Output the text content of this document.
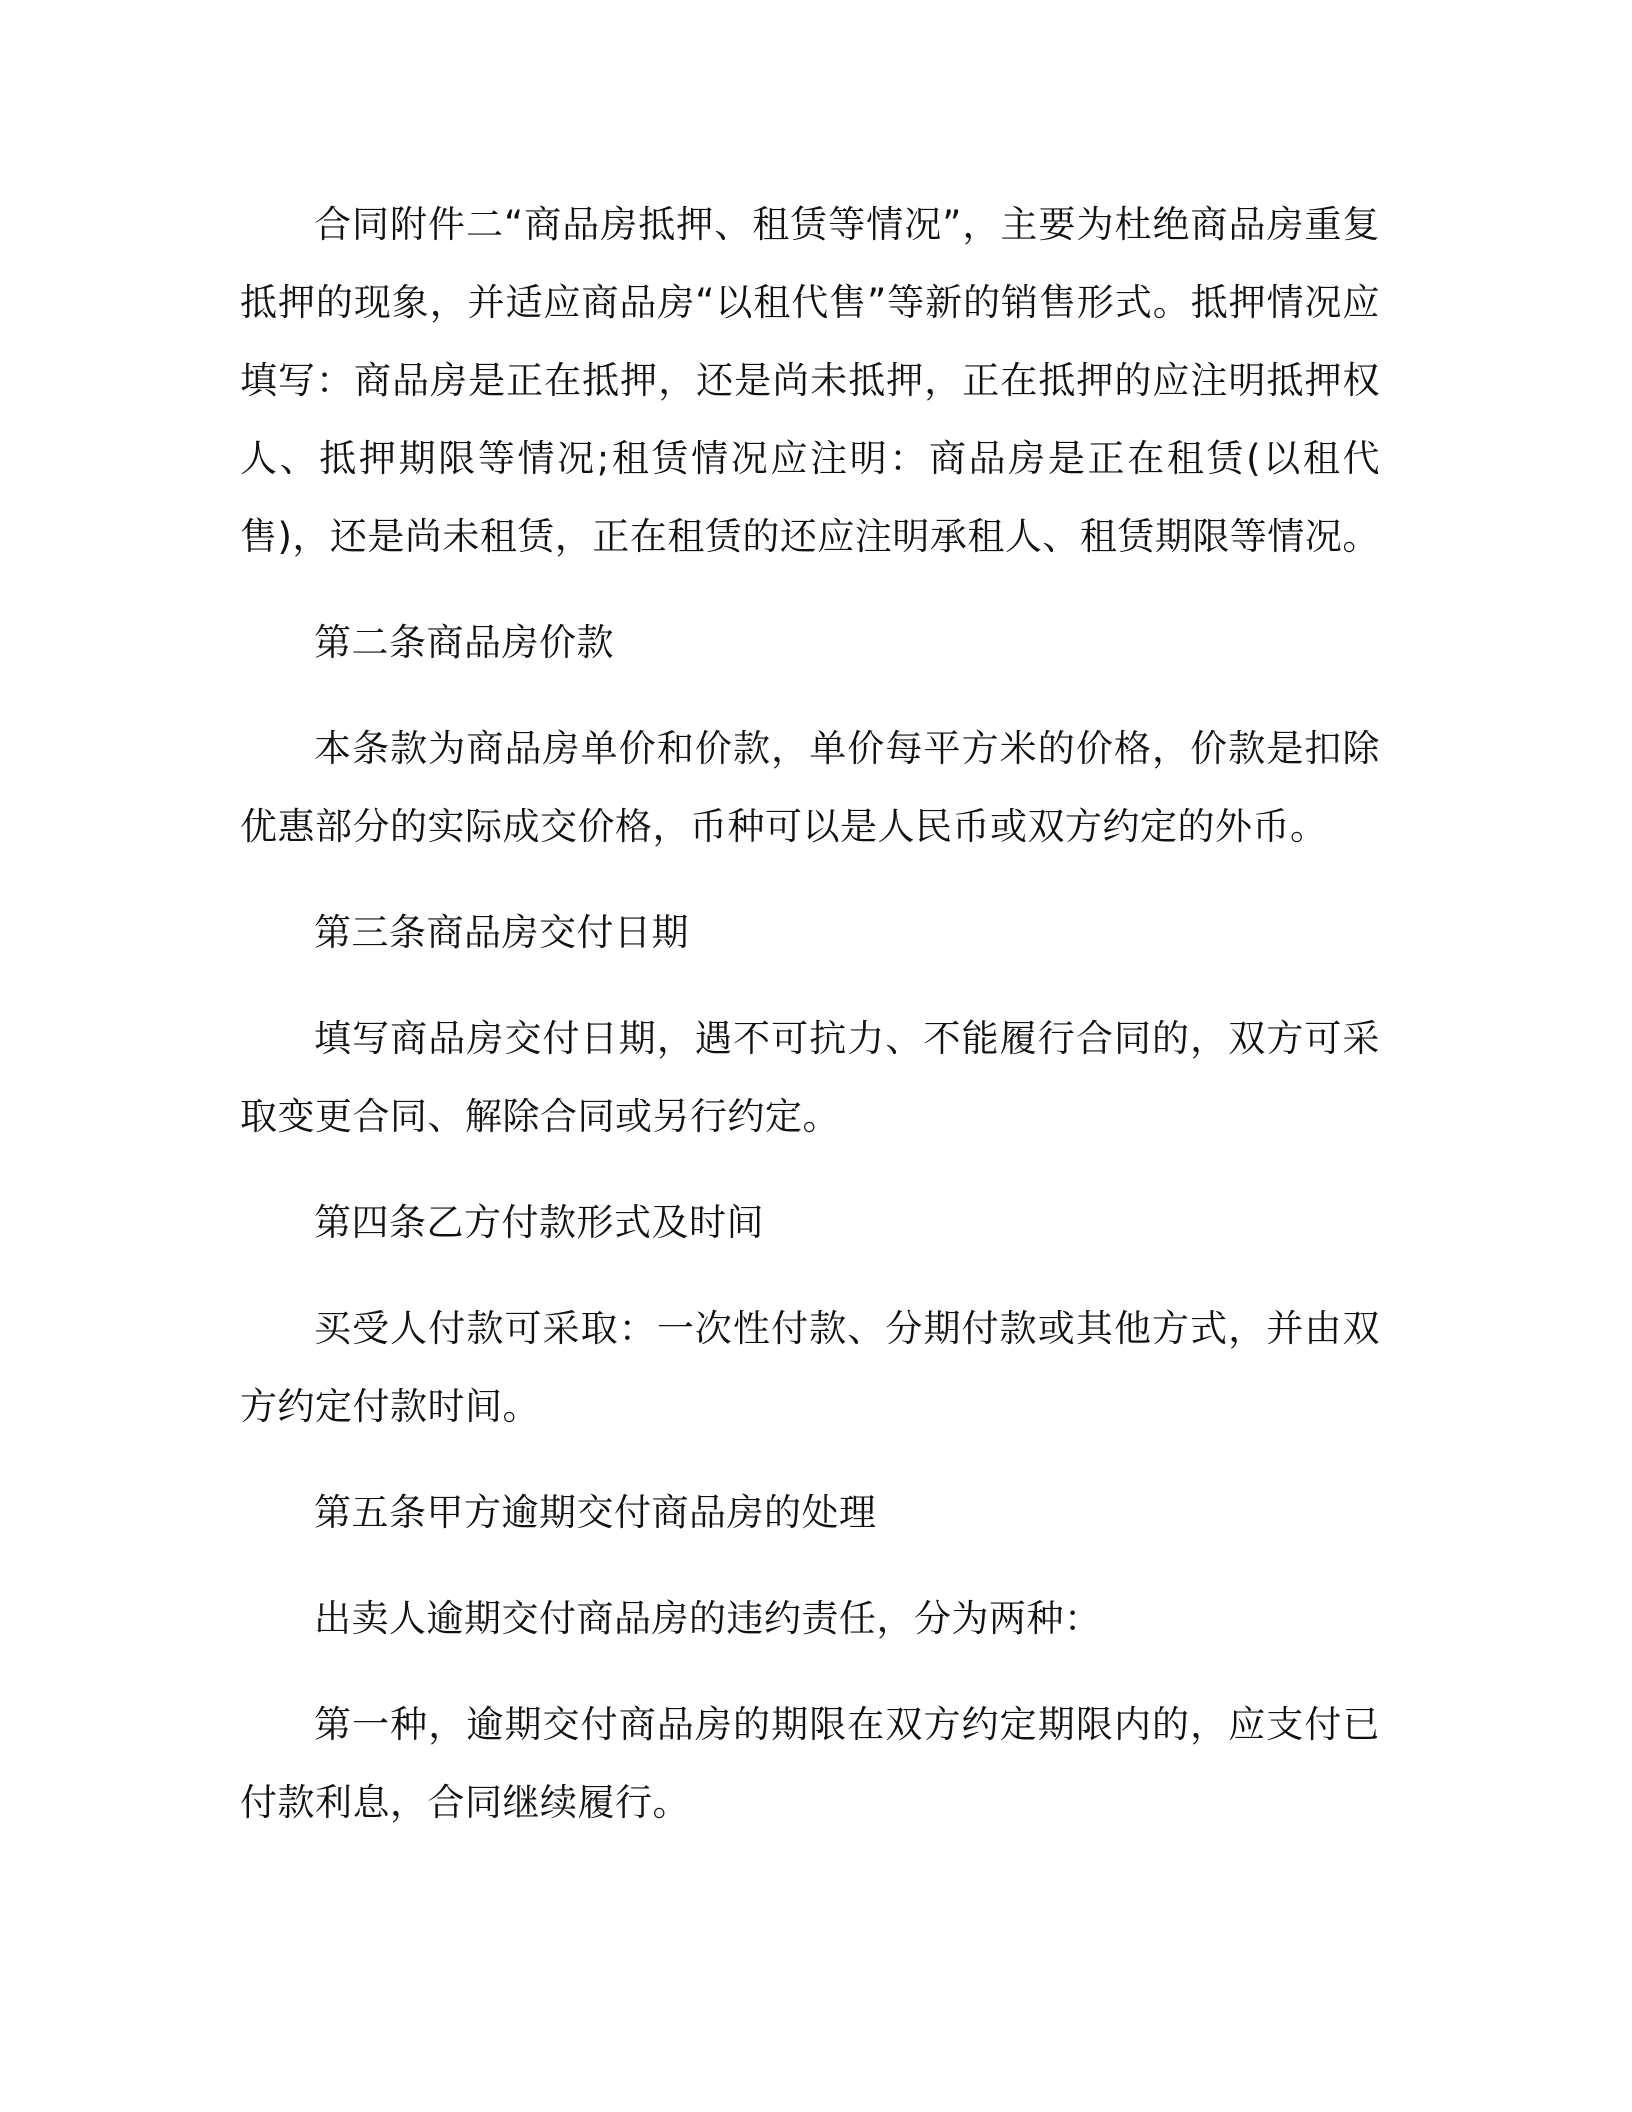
合同附件二“商品房抵押、租赁等情况”，主要为杜绝商品房重复抵押的现象，并适应商品房“以租代售”等新的销售形式。抵押情况应填写：商品房是正在抵押，还是尚未抵押，正在抵押的应注明抵押权人、抵押期限等情况;租赁情况应注明：商品房是正在租赁(以租代售)，还是尚未租赁，正在租赁的还应注明承租人、租赁期限等情况。

第二条商品房价款

本条款为商品房单价和价款，单价每平方米的价格，价款是扣除优惠部分的实际成交价格，币种可以是人民币或双方约定的外币。

第三条商品房交付日期

填写商品房交付日期，遇不可抗力、不能履行合同的，双方可采取变更合同、解除合同或另行约定。

第四条乙方付款形式及时间

买受人付款可采取：一次性付款、分期付款或其他方式，并由双方约定付款时间。

第五条甲方逾期交付商品房的处理

出卖人逾期交付商品房的违约责任，分为两种：

第一种，逾期交付商品房的期限在双方约定期限内的，应支付已付款利息，合同继续履行。
